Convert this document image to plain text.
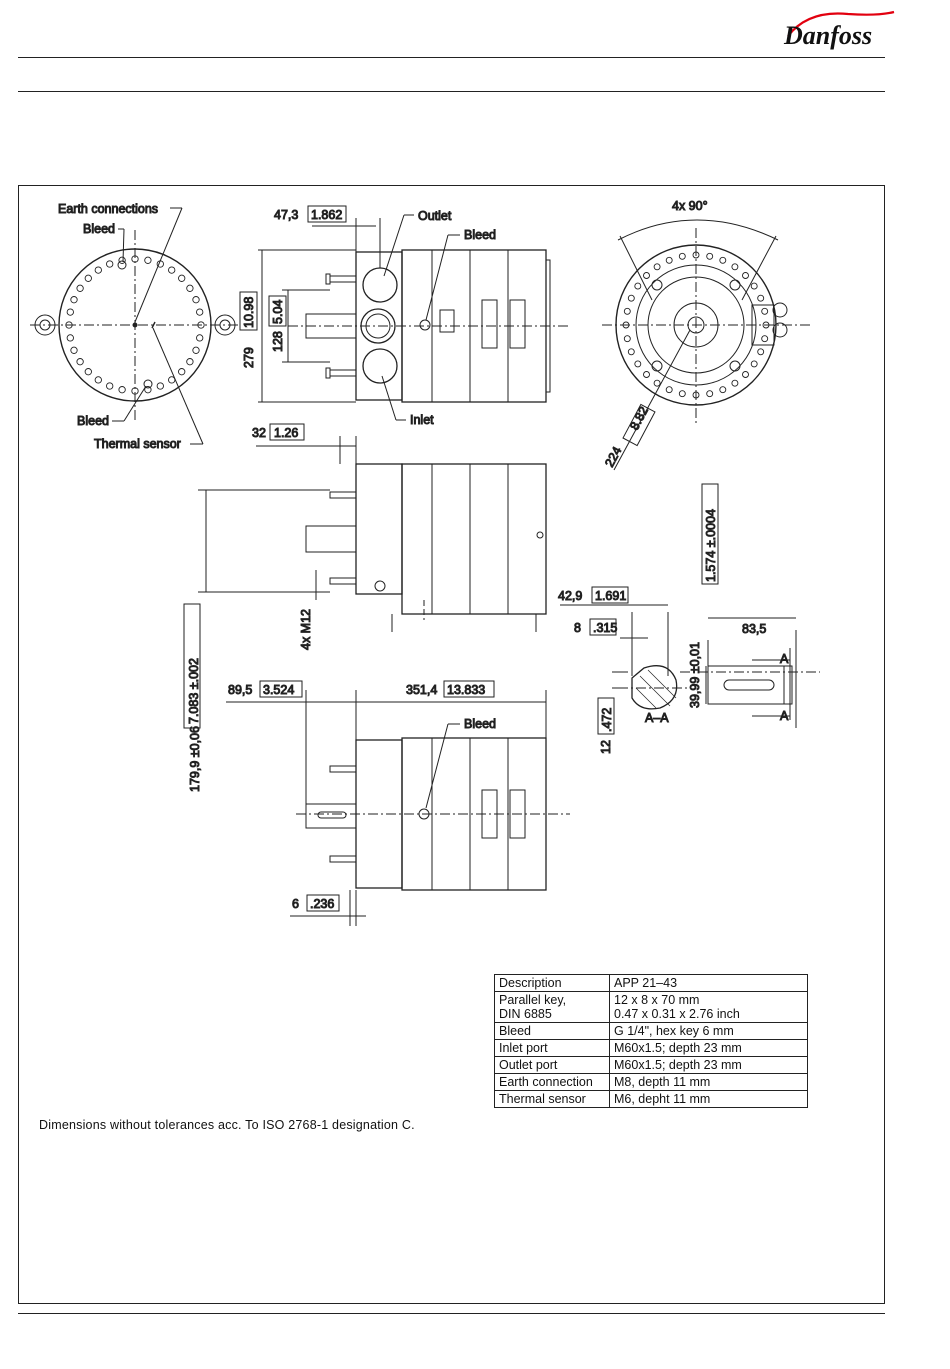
Danfoss
Earth connections
Bleed
Bleed
Thermal sensor
47,3 1.862	Outlet
Bleed
Inlet
279
10.98
128
5.04
4x 90°
224
8.82
32 1.26
4x M12
179,9 ±0,06
7.083 ±.002	A
A
83,5
39,99 ±0,01
1.574 ±.0004
42,9 1.691
8 .315
A–A
12
.472
89,5 3.524	351,4 13.833
Bleed
6 .236
Dimensions without tolerances acc. To ISO 2768-1 designation C.
Description	APP 21–43

Parallel key,
DIN 6885	12 x 8 x 70 mm
0.47 x 0.31 x 2.76 inch

Bleed	G 1/4", hex key 6 mm
Inlet port	M60x1.5; depth 23 mm
Outlet port	M60x1.5; depth 23 mm
Earth connection	M8, depth 11 mm
Thermal sensor	M6, depht 11 mm
